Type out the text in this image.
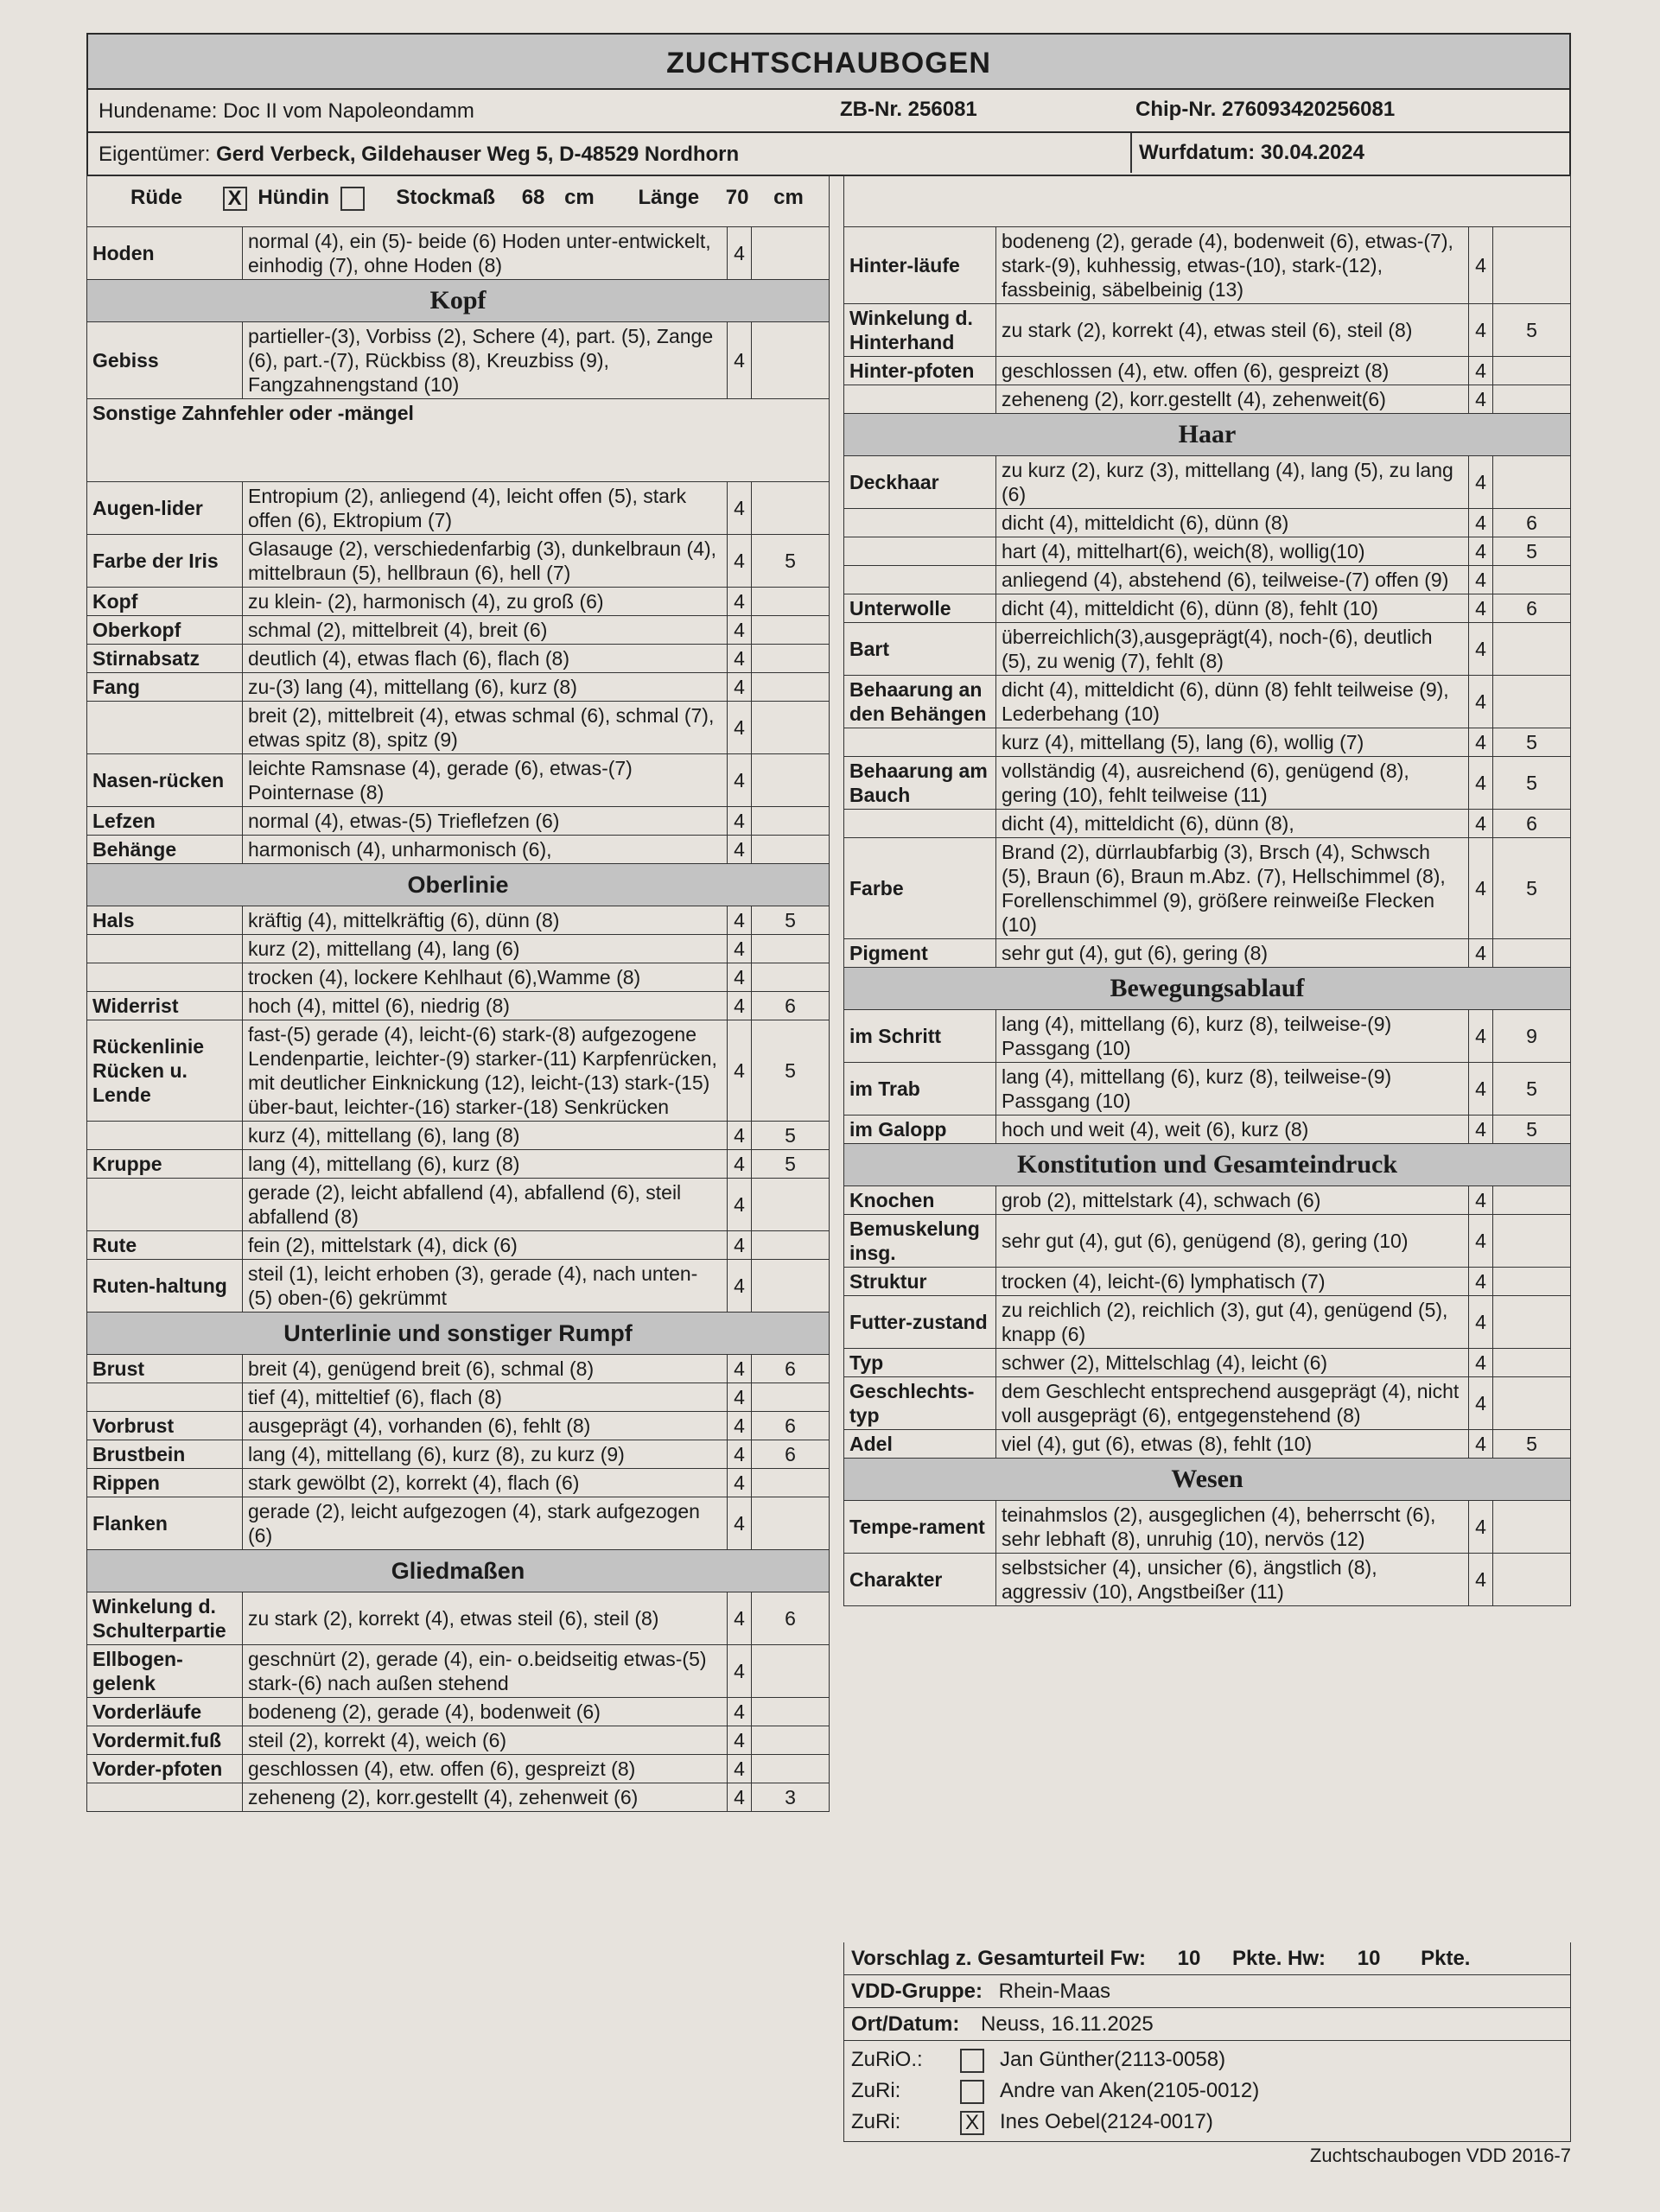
ZUCHTSCHAUBOGEN
Hundename: Doc II vom Napoleondamm	ZB-Nr. 256081	Chip-Nr. 276093420256081
Eigentümer: Gerd Verbeck, Gildehauser Weg 5, D-48529 Nordhorn	Wurfdatum: 30.04.2024
Rüde X Hündin	Stockmaß 68 cm Länge 70 cm
Hoden	normal (4), ein (5)- beide (6) Hoden unter-entwickelt, einhodig (7), ohne Hoden (8)	4	
Kopf			
Gebiss	partieller-(3), Vorbiss (2), Schere (4), part. (5), Zange (6), part.-(7), Rückbiss (8), Kreuzbiss (9), Fangzahnengstand (10)	4	
Sonstige Zahnfehler oder -mängel			
Augen-lider	Entropium (2), anliegend (4), leicht offen (5), stark offen (6), Ektropium (7)	4	
Farbe der Iris	Glasauge (2), verschiedenfarbig (3), dunkelbraun (4), mittelbraun (5), hellbraun (6), hell (7)	4	5
Kopf	zu klein- (2), harmonisch (4), zu groß (6)	4	
Oberkopf	schmal (2), mittelbreit (4), breit (6)	4	
Stirnabsatz	deutlich (4), etwas flach (6), flach (8)	4	
Fang	zu-(3) lang (4), mittellang (6), kurz (8)	4	
	breit (2), mittelbreit (4), etwas schmal (6), schmal (7), etwas spitz (8), spitz (9)	4	
Nasen-rücken	leichte Ramsnase (4), gerade (6), etwas-(7) Pointernase (8)	4	
Lefzen	normal (4), etwas-(5) Trieflefzen (6)	4	
Behänge	harmonisch (4), unharmonisch (6),	4	
Oberlinie			
Hals	kräftig (4), mittelkräftig (6), dünn (8)	4	5
	kurz (2), mittellang (4), lang (6)	4	
	trocken (4), lockere Kehlhaut (6),Wamme (8)	4	
Widerrist	hoch (4), mittel (6), niedrig (8)	4	6
Rückenlinie Rücken u. Lende	fast-(5) gerade (4), leicht-(6) stark-(8) aufgezogene Lendenpartie, leichter-(9) starker-(11) Karpfenrücken, mit deutlicher Einknickung (12), leicht-(13) stark-(15) über-baut, leichter-(16) starker-(18) Senkrücken	4	5
	kurz (4), mittellang (6), lang (8)	4	5
Kruppe	lang (4), mittellang (6), kurz (8)	4	5
	gerade (2), leicht abfallend (4), abfallend (6), steil abfallend (8)	4	
Rute	fein (2), mittelstark (4), dick (6)	4	
Ruten-haltung	steil (1), leicht erhoben (3), gerade (4), nach unten-(5) oben-(6) gekrümmt	4	
Unterlinie und sonstiger Rumpf			
Brust	breit (4), genügend breit (6), schmal (8)	4	6
	tief (4), mitteltief (6), flach (8)	4	
Vorbrust	ausgeprägt (4), vorhanden (6), fehlt (8)	4	6
Brustbein	lang (4), mittellang (6), kurz (8), zu kurz (9)	4	6
Rippen	stark gewölbt (2), korrekt (4), flach (6)	4	
Flanken	gerade (2), leicht aufgezogen (4), stark aufgezogen (6)	4	
Gliedmaßen			
Winkelung d. Schulterpartie	zu stark (2), korrekt (4), etwas steil (6), steil (8)	4	6
Ellbogen-gelenk	geschnürt (2), gerade (4), ein- o.beidseitig etwas-(5) stark-(6) nach außen stehend	4	
Vorderläufe	bodeneng (2), gerade (4), bodenweit (6)	4	
Vordermit.fuß	steil (2), korrekt (4), weich (6)	4	
Vorder-pfoten	geschlossen (4), etw. offen (6), gespreizt (8)	4	
	zeheneng (2), korr.gestellt (4), zehenweit (6)	4	3
Hinter-läufe	bodeneng (2), gerade (4), bodenweit (6), etwas-(7), stark-(9), kuhhessig, etwas-(10), stark-(12), fassbeinig, säbelbeinig (13)	4	
Winkelung d. Hinterhand	zu stark (2), korrekt (4), etwas steil (6), steil (8)	4	5
Hinter-pfoten	geschlossen (4), etw. offen (6), gespreizt (8)	4	
	zeheneng (2), korr.gestellt (4), zehenweit(6)	4	
Haar			
Deckhaar	zu kurz (2), kurz (3), mittellang (4), lang (5), zu lang (6)	4	
	dicht (4), mitteldicht (6), dünn (8)	4	6
	hart (4), mittelhart(6), weich(8), wollig(10)	4	5
	anliegend (4), abstehend (6), teilweise-(7) offen (9)	4	
Unterwolle	dicht (4), mitteldicht (6), dünn (8), fehlt (10)	4	6
Bart	überreichlich(3),ausgeprägt(4), noch-(6), deutlich (5), zu wenig (7), fehlt (8)	4	
Behaarung an den Behängen	dicht (4), mitteldicht (6), dünn (8) fehlt teilweise (9), Lederbehang (10)	4	
	kurz (4), mittellang (5), lang (6), wollig (7)	4	5
Behaarung am Bauch	vollständig (4), ausreichend (6), genügend (8), gering (10), fehlt teilweise (11)	4	5
	dicht (4), mitteldicht (6), dünn (8),	4	6
Farbe	Brand (2), dürrlaubfarbig (3), Brsch (4), Schwsch (5), Braun (6), Braun m.Abz. (7), Hellschimmel (8), Forellenschimmel (9), größere reinweiße Flecken (10)	4	5
Pigment	sehr gut (4), gut (6), gering (8)	4	
Bewegungsablauf			
im Schritt	lang (4), mittellang (6), kurz (8), teilweise-(9) Passgang (10)	4	9
im Trab	lang (4), mittellang (6), kurz (8), teilweise-(9) Passgang (10)	4	5
im Galopp	hoch und weit (4), weit (6), kurz (8)	4	5
Konstitution und Gesamteindruck			
Knochen	grob (2), mittelstark (4), schwach (6)	4	
Bemuskelung insg.	sehr gut (4), gut (6), genügend (8), gering (10)	4	
Struktur	trocken (4), leicht-(6) lymphatisch (7)	4	
Futter-zustand	zu reichlich (2), reichlich (3), gut (4), genügend (5), knapp (6)	4	
Typ	schwer (2), Mittelschlag (4), leicht (6)	4	
Geschlechts-typ	dem Geschlecht entsprechend ausgeprägt (4), nicht voll ausgeprägt (6), entgegenstehend (8)	4	
Adel	viel (4), gut (6), etwas (8), fehlt (10)	4	5
Wesen			
Tempe-rament	teinahmslos (2), ausgeglichen (4), beherrscht (6), sehr lebhaft (8), unruhig (10), nervös (12)	4	
Charakter	selbstsicher (4), unsicher (6), ängstlich (8), aggressiv (10), Angstbeißer (11)	4	
Vorschlag z. Gesamturteil Fw: 10 Pkte. Hw: 10 Pkte.
VDD-Gruppe: Rhein-Maas
Ort/Datum: Neuss, 16.11.2025
ZuRiO.:	Jan Günther(2113-0058)
ZuRi:	Andre van Aken(2105-0012)
ZuRi:	X Ines Oebel(2124-0017)
Zuchtschaubogen VDD 2016-7
